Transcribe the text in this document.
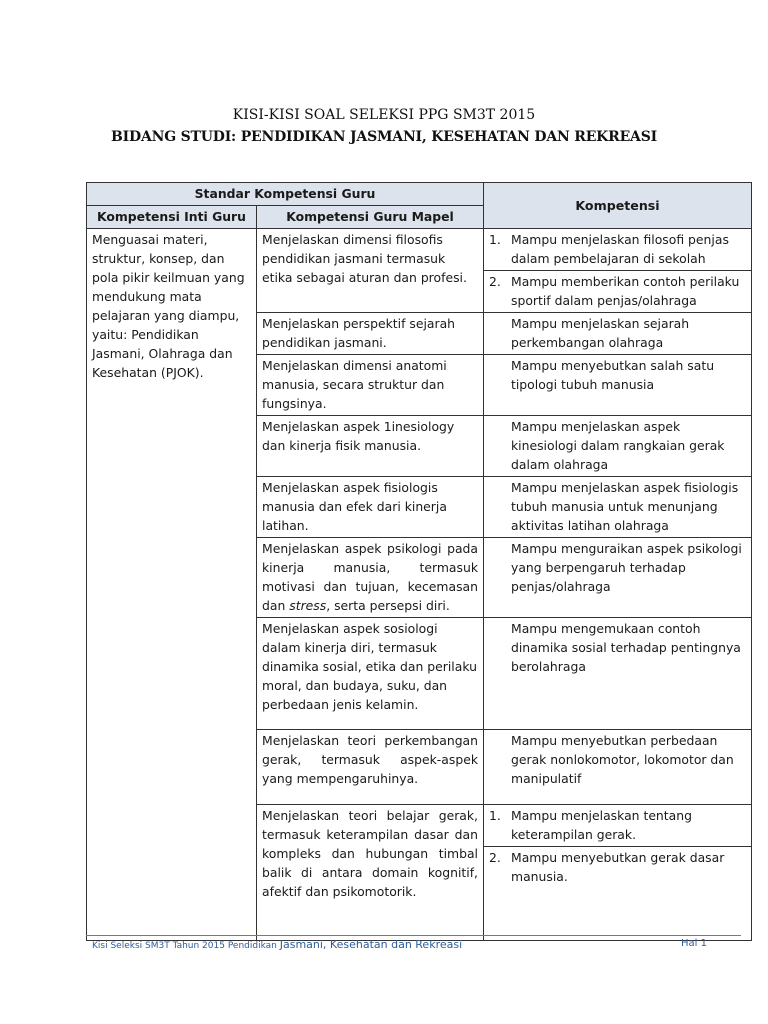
KISI-KISI SOAL SELEKSI PPG SM3T 2015
BIDANG STUDI: PENDIDIKAN JASMANI, KESEHATAN DAN REKREASI
Standar Kompetensi Guru		Kompetensi
Kompetensi Inti Guru	Kompetensi Guru Mapel	
Menguasai materi, struktur, konsep, dan pola pikir keilmuan yang mendukung mata pelajaran yang diampu, yaitu: Pendidikan Jasmani, Olahraga dan Kesehatan (PJOK).	Menjelaskan dimensi filosofis pendidikan jasmani termasuk etika sebagai aturan dan profesi.	1. Mampu menjelaskan filosofi penjas dalam pembelajaran di sekolah

		2. Mampu memberikan contoh perilaku sportif dalam penjas/olahraga

	Menjelaskan perspektif sejarah pendidikan jasmani.	Mampu menjelaskan sejarah perkembangan olahraga

	Menjelaskan dimensi anatomi manusia, secara struktur dan fungsinya.	Mampu menyebutkan salah satu tipologi tubuh manusia

	Menjelaskan aspek 1inesiology dan kinerja fisik manusia.	Mampu menjelaskan aspek kinesiologi dalam rangkaian gerak dalam olahraga

	Menjelaskan aspek fisiologis manusia dan efek dari kinerja latihan.	Mampu menjelaskan aspek fisiologis tubuh manusia untuk menunjang aktivitas latihan olahraga

	Menjelaskan aspek psikologi pada kinerja manusia, termasuk motivasi dan tujuan, kecemasan dan stress, serta persepsi diri.	Mampu menguraikan aspek psikologi yang berpengaruh terhadap penjas/olahraga

	Menjelaskan aspek sosiologi dalam kinerja diri, termasuk dinamika sosial, etika dan perilaku moral, dan budaya, suku, dan perbedaan jenis kelamin.	Mampu mengemukaan contoh dinamika sosial terhadap pentingnya berolahraga

	Menjelaskan teori perkembangan gerak, termasuk aspek-aspek yang mempengaruhinya.	Mampu menyebutkan perbedaan gerak nonlokomotor, lokomotor dan manipulatif

	Menjelaskan teori belajar gerak, termasuk keterampilan dasar dan kompleks dan hubungan timbal balik di antara domain kognitif, afektif dan psikomotorik.	1. Mampu menjelaskan tentang keterampilan gerak.

		2. Mampu menyebutkan gerak dasar manusia.
Kisi Seleksi SM3T Tahun 2015 Pendidikan Jasmani, Kesehatan dan Rekreasi	Hal 1
